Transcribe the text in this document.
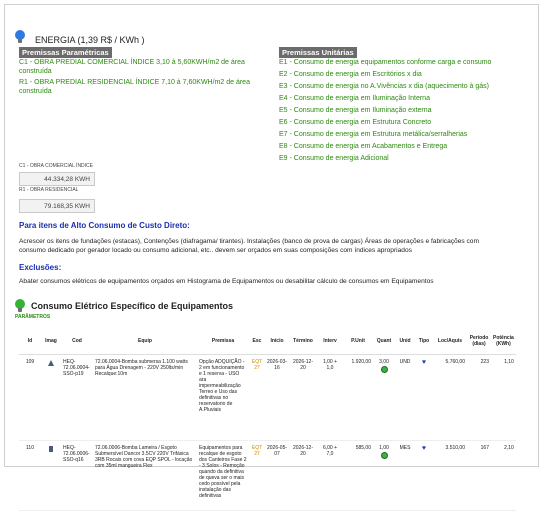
ENERGIA (1,39 R$ / KWh )
Premissas Paramétricas
C1 - OBRA PREDIAL COMERCIAL ÍNDICE 3,10 à 5,60KWH/m2 de área
construída
R1 - OBRA PREDIAL RESIDENCIAL ÍNDICE 7,10 à 7,60KWH/m2 de área
construída
Premissas Unitárias
E1 - Consumo de energia equipamentos conforme carga e consumo
E2 - Consumo de energia em Escritórios x dia
E3 - Consumo de energia no A.Vivências x dia (aquecimento à gás)
E4 - Consumo de energia em Iluminação Interna
E5 - Consumo de energia em Iluminação externa
E6 - Consumo de energia em Estrutura Concreto
E7 - Consumo de energia em Estrutura metálica/serralherias
E8 - Consumo de energia em Acabamentos e Entrega
E9 - Consumo de energia Adicional
C1 - OBRA COMERCIAL ÍNDICE
44.334,28 KWH
R1 - OBRA RESIDENCIAL
79.168,35 KWH
Para itens de Alto Consumo de Custo Direto:
Acrescer os itens de fundações (estacas), Contenções (diafragama/ tirantes). Instalações (banco de prova de cargas) Áreas de operações e fabricações com
consumo dedicado por gerador locado ou consumo adicional, etc.. devem ser orçados em suas composições com índices apropriados
Exclusões:
Abater consumos elétricos de equipamentos orçados em Histograma de Equipamentos ou desabilitar cálculo de consumos em Equipamentos
Consumo Elétrico Específico de Equipamentos
PARÂMETROS
Id	Imag	Cod	Equip	Premissa	Esc	Início	Término	Interv	P.Unit	Quant	Unid	Tipo	Loc/Aquis	Período (dias)	Potência (KWh)
109		HEQ-72.06.0004-SSO-p19	72.06.0004-Bomba submersa 1.100 watts para Água Drenagem - 220V 250lts/min Recalque:10m	Opção ADQUIÇÃO - 2 em funcionamento e 1 reserva - USO ara impermeabilização Terreo e Uso das definitivas no reservatorio de A.Pluviais	EQT 27	2026-03-16	2026-12-20	1,00 + 1,0	1.920,00	3,00	UND	♥	5.760,00	223	1,10
110		HEQ-72.06.0006-SSO-q16	72.06.0006-Bomba Lameira / Esgoto Submersível Dancor 3.5CV 220V Trifásica 3RB Rocais com cova EQP SPOL - locação com 35ml mangueira Flex	Equipamentos para recalque de esgoto dos Canteiros Fase 2 - 3.Solos - Remoção quando da definitiva de queva ser o mais cedo possível pela instalação das definitivas	EQT 27	2026-05-07	2026-12-20	6,00 + 7,0	585,00	1,00	MES	♥	3.510,00	167	2,10
